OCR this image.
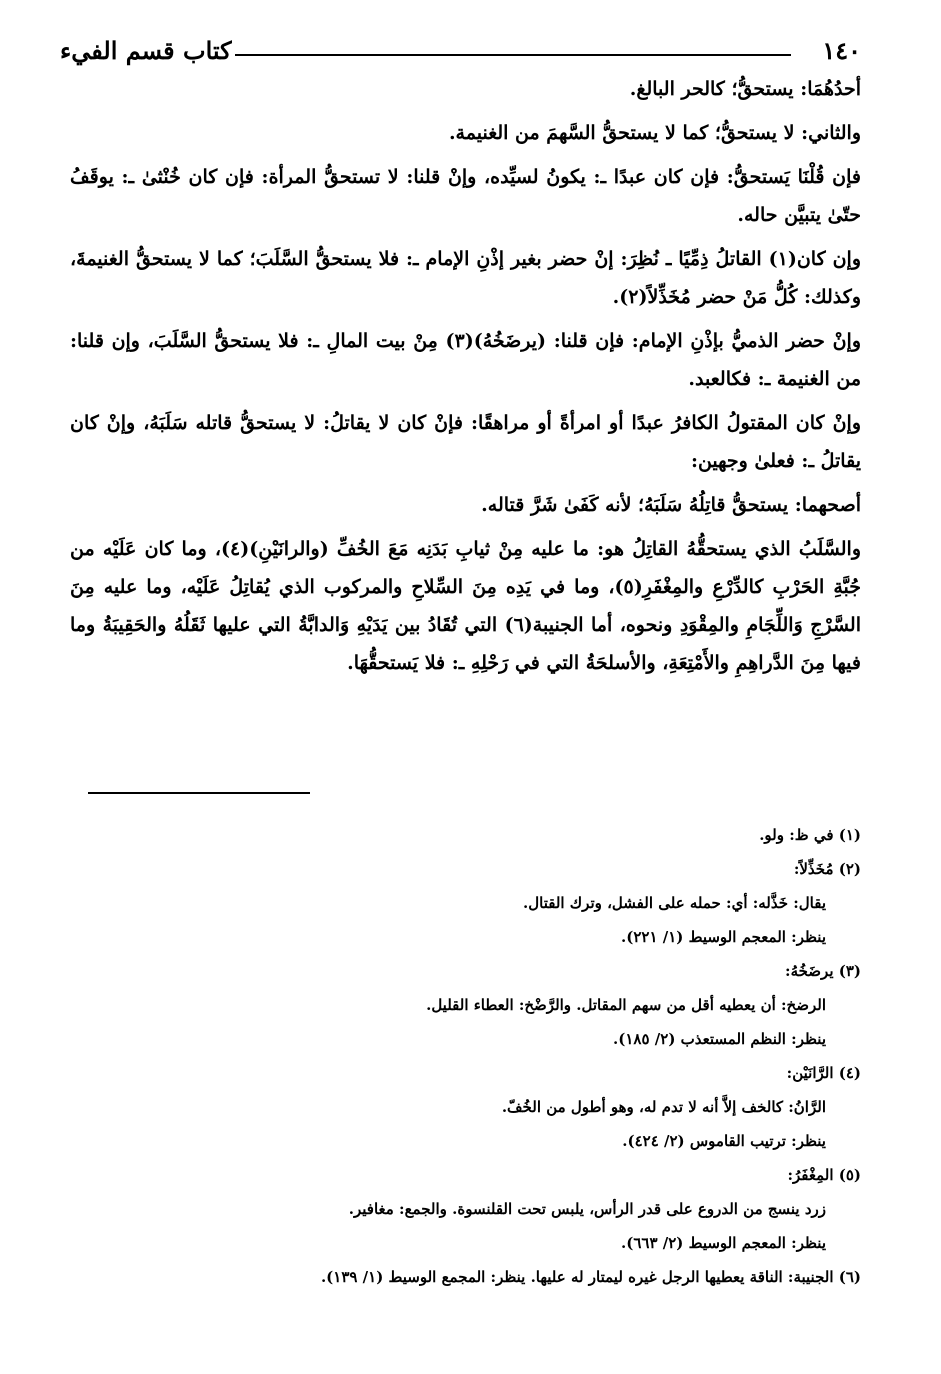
١٤٠
كتاب قسم الفيء

أحدُهُمَا: يستحقُّ؛ كالحر البالغ.

والثاني: لا يستحقُّ؛ كما لا يستحقُّ السَّهمَ من الغنيمة.

فإن قُلْنَا يَستحقُّ: فإن كان عبدًا ـ: يكونُ لسيِّده، وإنْ قلنا: لا تستحقُّ المرأة: فإن كان خُنْثىٰ ـ: يوقَفُ حتّىٰ يتبيَّن حاله.

وإن كان(١) القاتلُ ذِمِّيًا ـ نُظِرَ: إنْ حضر بغير إذْنِ الإمام ـ: فلا يستحقُّ السَّلَبَ؛ كما لا يستحقُّ الغنيمةَ، وكذلك: كُلُّ مَنْ حضر مُخَذِّلاً(٢).

وإنْ حضر الذميُّ بإذْنِ الإمام: فإن قلنا: (يرضَخُهُ)(٣) مِنْ بيت المالِ ـ: فلا يستحقُّ السَّلَبَ، وإن قلنا: من الغنيمة ـ: فكالعبد.

وإنْ كان المقتولُ الكافرُ عبدًا أو امرأةً أو مراهقًا: فإنْ كان لا يقاتلُ: لا يستحقُّ قاتله سَلَبَهُ، وإنْ كان يقاتلُ ـ: فعلىٰ وجهين:

أصحهما: يستحقُّ قاتِلُهُ سَلَبَهُ؛ لأنه كَفَىٰ شَرَّ قتاله.

والسَّلَبُ الذي يستحقُّهُ القاتِلُ هو: ما عليه مِنْ ثيابِ بَدَنِه مَعَ الخُفِّ (والرانَيْنِ)(٤)، وما كان عَلَيْه من جُبَّةِ الحَرْبِ كالدِّرْعِ والمِغْفَرِ(٥)، وما في يَدِه مِنَ السِّلاحِ والمركوب الذي يُقاتِلُ عَلَيْه، وما عليه مِنَ السَّرْجِ وَاللِّجَامِ والمِقْوَدِ ونحوه، أما الجنيبة(٦) التي تُقَادُ بين يَدَيْهِ وَالدابَّةُ التي عليها ثَقَلُهُ والحَقِيبَةُ وما فيها مِنَ الدَّراهِمِ والأَمْتِعَةِ، والأسلحَةُ التي في رَحْلِهِ ـ: فلا يَستحقُّهَا.

(١) في ظ: ولو.

(٢) مُخَذِّلاً:

يقال: خَذَّله: أي: حمله على الفشل، وترك القتال.

ينظر: المعجم الوسيط (١/ ٢٢١).

(٣) يرضَخُهُ:

الرضخ: أن يعطيه أقل من سهم المقاتل. والرَّضْخ: العطاء القليل.

ينظر: النظم المستعذب (٢/ ١٨٥).

(٤) الرَّانَيْن:

الرَّانُ: كالخف إلاَّ أنه لا تدم له، وهو أطول من الخُفّ.

ينظر: ترتيب القاموس (٢/ ٤٢٤).

(٥) المِغْفَرُ:

زرد ينسج من الدروع على قدر الرأس، يلبس تحت القلنسوة. والجمع: مغافير.

ينظر: المعجم الوسيط (٢/ ٦٦٣).

(٦) الجنيبة: الناقة يعطيها الرجل غيره ليمتار له عليها. ينظر: المجمع الوسيط (١/ ١٣٩).
